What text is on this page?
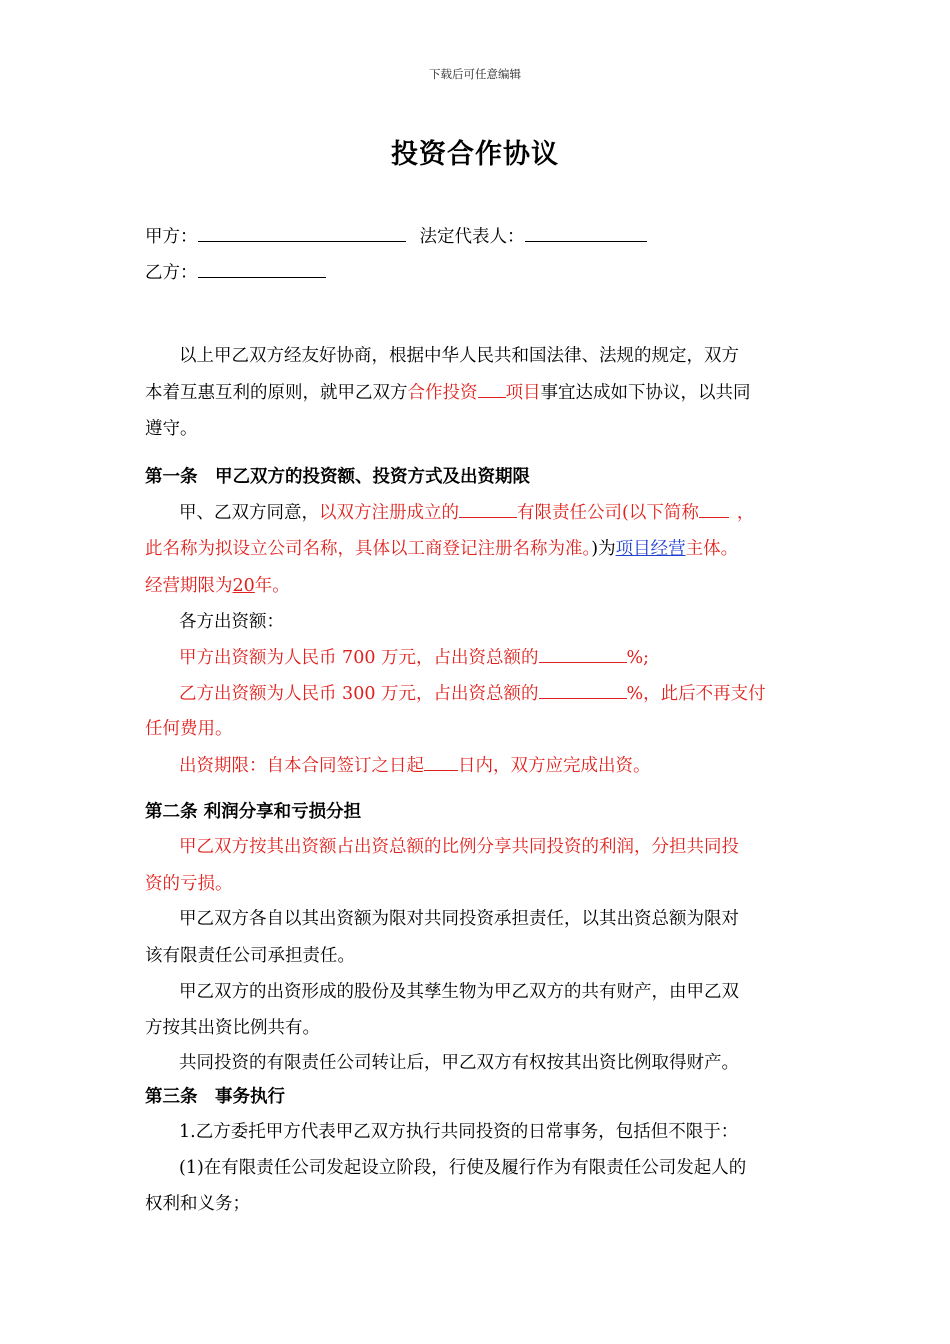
下载后可任意编辑
投资合作协议
甲方：	法定代表人：
乙方：
以上甲乙双方经友好协商，根据中华人民共和国法律、法规的规定，双方
本着互惠互利的原则，就甲乙双方合作投资 项目事宜达成如下协议，以共同
遵守。
第一条　甲乙双方的投资额、投资方式及出资期限
甲、乙双方同意，以双方注册成立的	有限责任公司(以下简称 ，
此名称为拟设立公司名称，具体以工商登记注册名称为准。)为项目经营主体。
经营期限为20年。
各方出资额：
甲方出资额为人民币 700 万元，占出资总额的	%;
乙方出资额为人民币 300 万元，占出资总额的	%，此后不再支付
任何费用。
出资期限：自本合同签订之日起 日内，双方应完成出资。
第二条 利润分享和亏损分担
甲乙双方按其出资额占出资总额的比例分享共同投资的利润，分担共同投
资的亏损。
甲乙双方各自以其出资额为限对共同投资承担责任，以其出资总额为限对
该有限责任公司承担责任。
甲乙双方的出资形成的股份及其孳生物为甲乙双方的共有财产，由甲乙双
方按其出资比例共有。
共同投资的有限责任公司转让后，甲乙双方有权按其出资比例取得财产。
第三条　事务执行
1.乙方委托甲方代表甲乙双方执行共同投资的日常事务，包括但不限于：
(1)在有限责任公司发起设立阶段，行使及履行作为有限责任公司发起人的
权利和义务；
